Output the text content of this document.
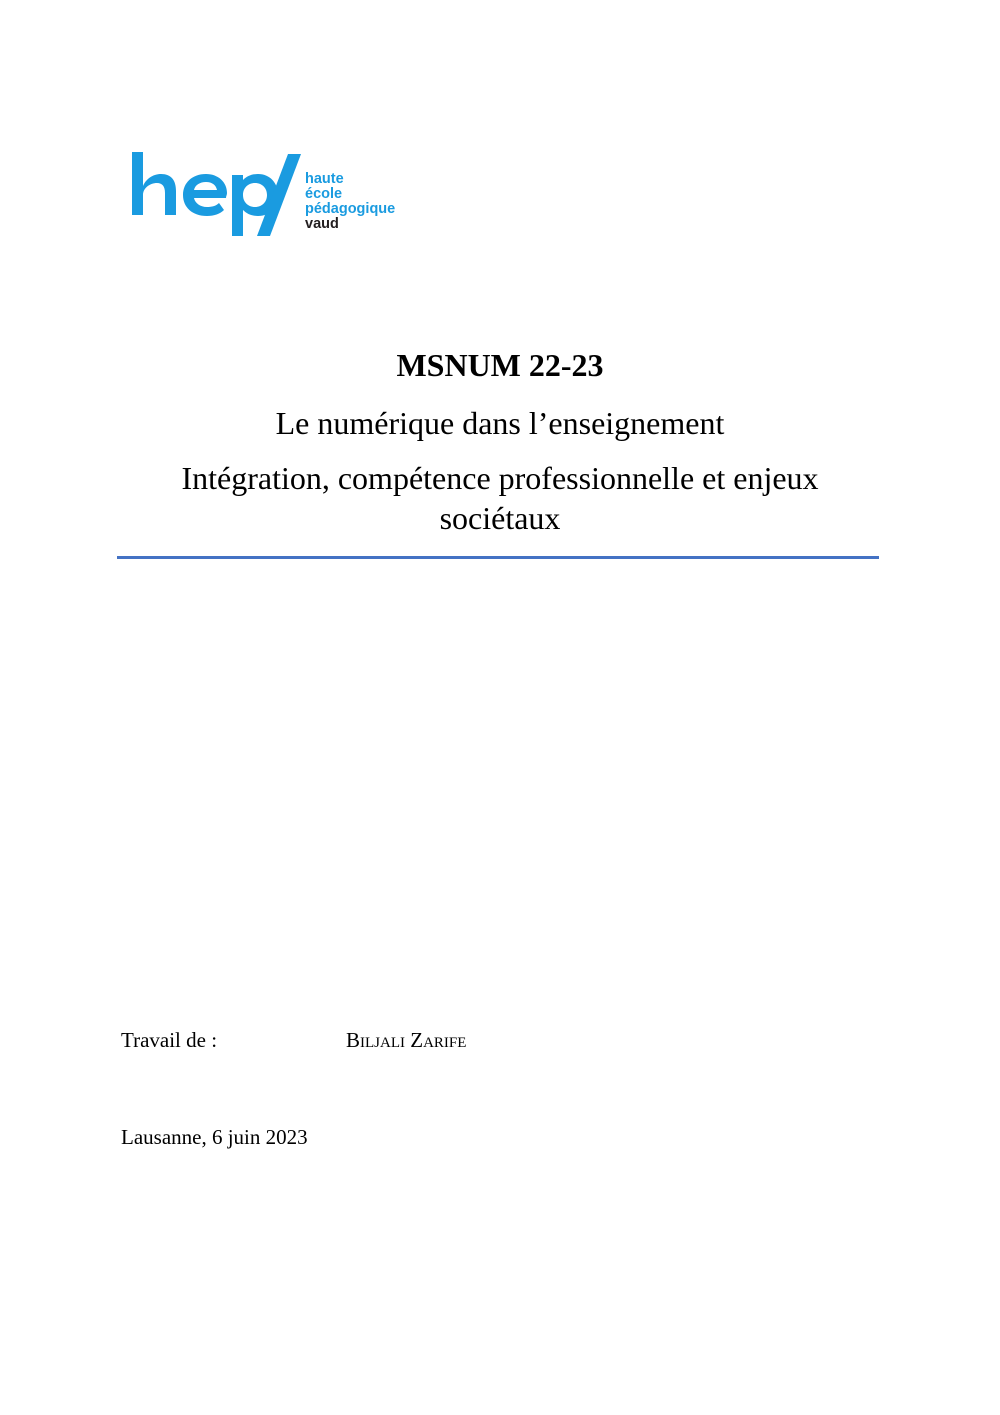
haute
école
pédagogique
vaud
MSNUM 22-23
Le numérique dans l’enseignement
Intégration, compétence professionnelle et enjeux sociétaux
Travail de :	Biljali Zarife
Lausanne, 6 juin 2023
